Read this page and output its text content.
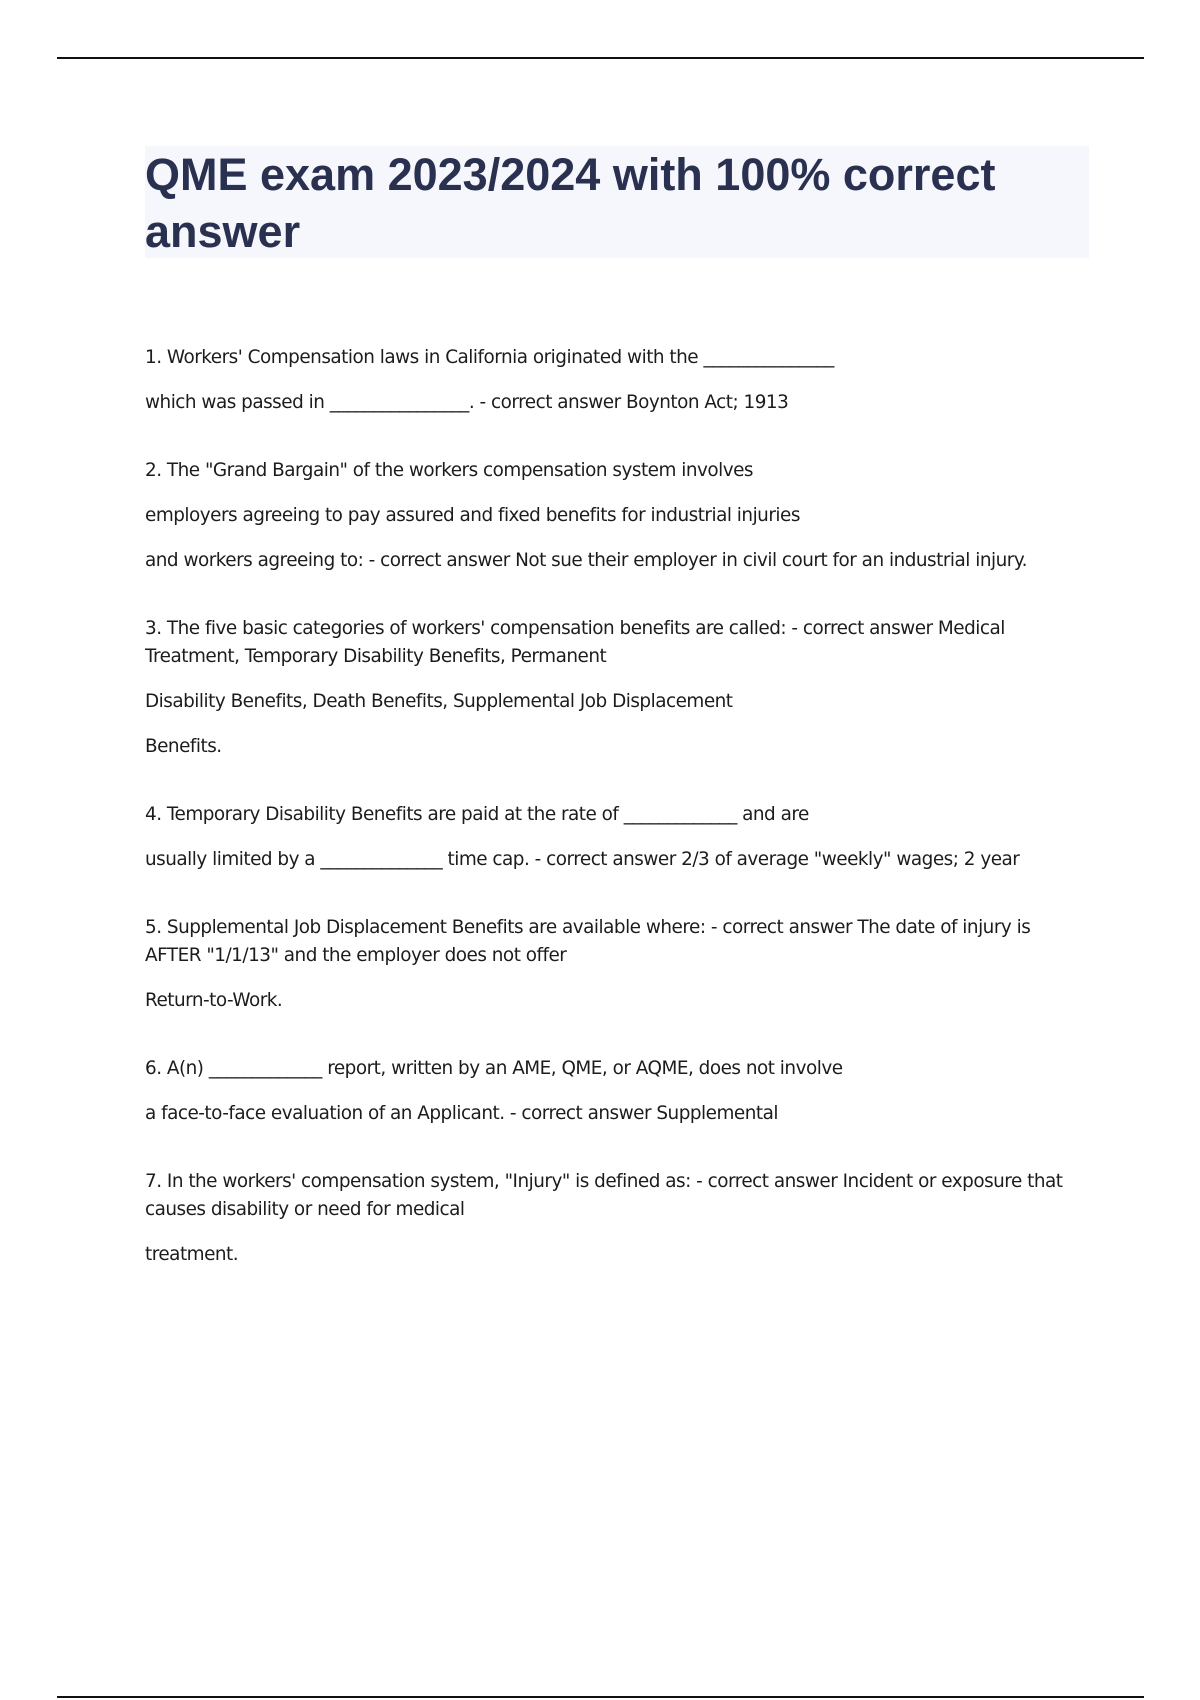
QME exam 2023/2024 with 100% correct answer

1. Workers' Compensation laws in California originated with the _______________

which was passed in ________________. - correct answer Boynton Act; 1913

2. The "Grand Bargain" of the workers compensation system involves

employers agreeing to pay assured and fixed benefits for industrial injuries

and workers agreeing to: - correct answer Not sue their employer in civil court for an industrial injury.

3. The five basic categories of workers' compensation benefits are called: - correct answer Medical Treatment, Temporary Disability Benefits, Permanent

Disability Benefits, Death Benefits, Supplemental Job Displacement

Benefits.

4. Temporary Disability Benefits are paid at the rate of _____________ and are

usually limited by a ______________ time cap. - correct answer 2/3 of average "weekly" wages; 2 year

5. Supplemental Job Displacement Benefits are available where: - correct answer The date of injury is AFTER "1/1/13" and the employer does not offer

Return-to-Work.

6. A(n) _____________ report, written by an AME, QME, or AQME, does not involve

a face-to-face evaluation of an Applicant. - correct answer Supplemental

7. In the workers' compensation system, "Injury" is defined as: - correct answer Incident or exposure that causes disability or need for medical

treatment.
